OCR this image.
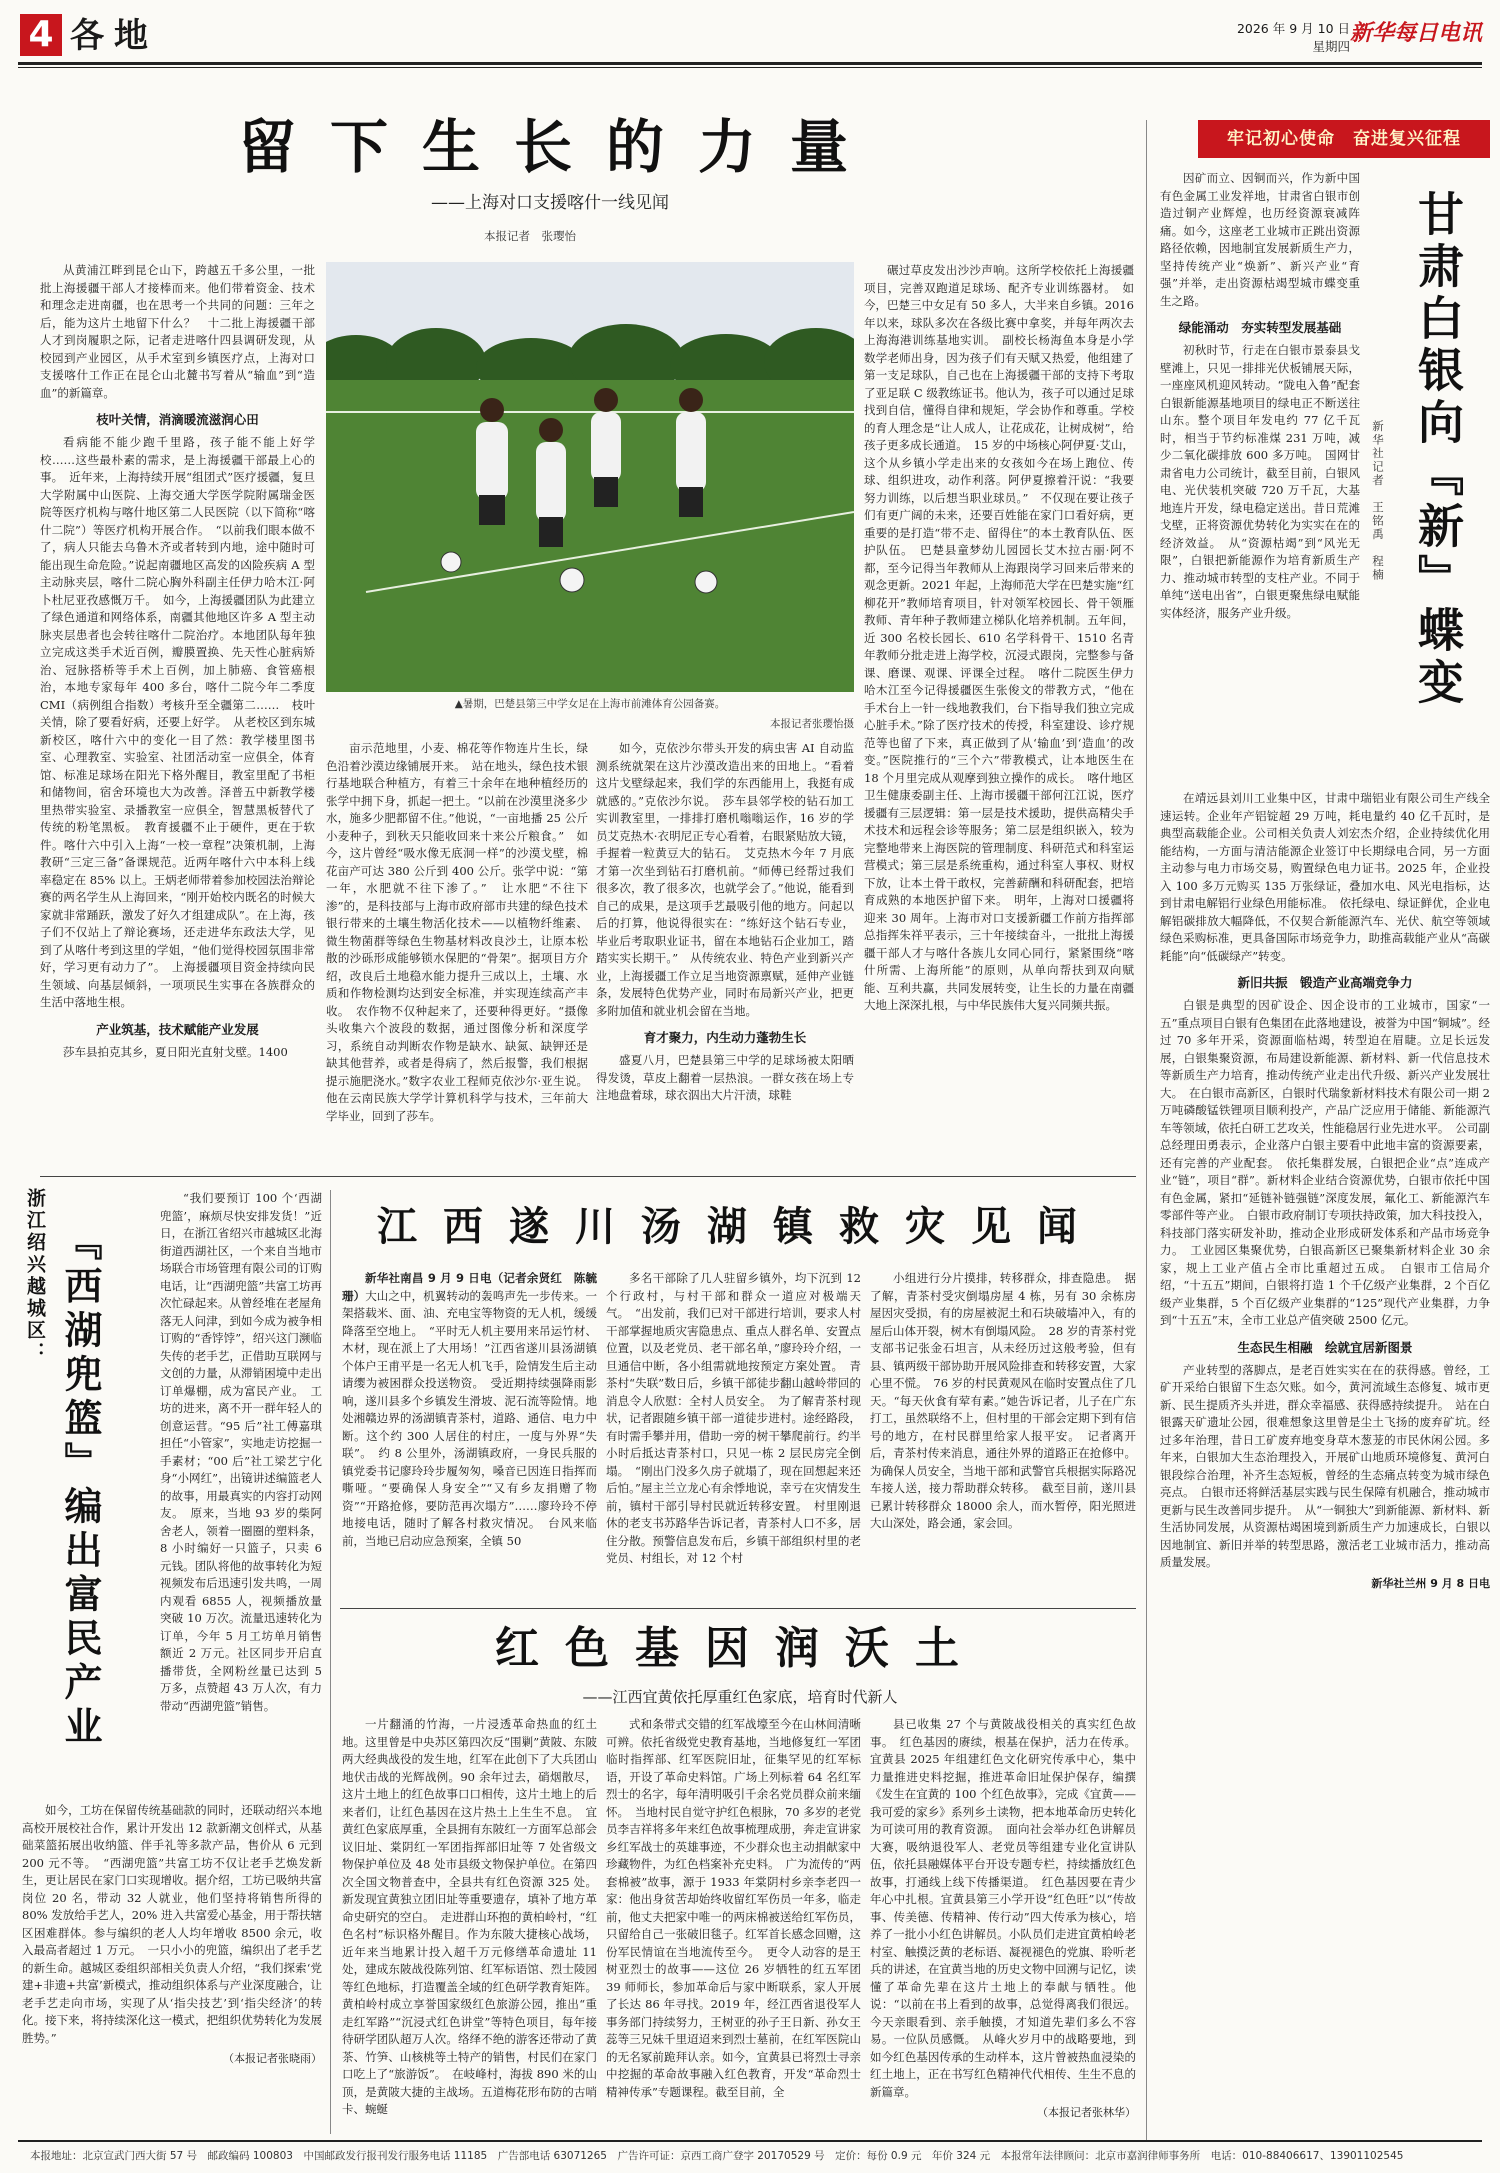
4 各地	2026 年 9 月 10 日
星期四
新华每日电讯
留下生长的力量
——上海对口支援喀什一线见闻
本报记者　张璎怡

从黄浦江畔到昆仑山下，跨越五千多公里，一批批上海援疆干部人才接棒而来。他们带着资金、技术和理念走进南疆，也在思考一个共同的问题：三年之后，能为这片土地留下什么？　十二批上海援疆干部人才到岗履职之际，记者走进喀什四县调研发现，从校园到产业园区，从手术室到乡镇医疗点，上海对口支援喀什工作正在昆仑山北麓书写着从“输血”到“造血”的新篇章。

枝叶关情，消滴暖流滋润心田

看病能不能少跑千里路，孩子能不能上好学校……这些最朴素的需求，是上海援疆干部最上心的事。　近年来，上海持续开展“组团式”医疗援疆，复旦大学附属中山医院、上海交通大学医学院附属瑞金医院等医疗机构与喀什地区第二人民医院（以下简称“喀什二院”）等医疗机构开展合作。　“以前我们眼本做不了，病人只能去乌鲁木齐或者转到内地，途中随时可能出现生命危险。”说起南疆地区高发的凶险疾病 A 型主动脉夹层，喀什二院心胸外科副主任伊力哈木江·阿卜杜尼亚孜感慨万千。　如今，上海援疆团队为此建立了绿色通道和网络体系，南疆其他地区许多 A 型主动脉夹层患者也会转往喀什二院治疗。本地团队每年独立完成这类手术近百例，瓣膜置换、先天性心脏病矫治、冠脉搭桥等手术上百例，加上肺癌、食管癌根治，本地专家每年 400 多台，喀什二院今年二季度 CMI（病例组合指数）考核升至全疆第二……　枝叶关情，除了要看好病，还要上好学。　从老校区到东城新校区，喀什六中的变化一目了然：教学楼里图书室、心理教室、实验室、社团活动室一应俱全，体育馆、标准足球场在阳光下格外醒目，教室里配了书柜和储物间，宿舍环境也大为改善。泽普五中新教学楼里热带实验室、录播教室一应俱全，智慧黑板替代了传统的粉笔黑板。　教育援疆不止于硬件，更在于软件。喀什六中引入上海“一校一章程”决策机制，上海教研“三定三备”备课规范。近两年喀什六中本科上线率稳定在 85% 以上。王炳老师带着参加校园法治辩论赛的两名学生从上海回来，“刚开始校内既名的时候大家就非常踊跃，激发了好久才组建成队”。在上海，孩子们不仅站上了辩论赛场，还走进华东政法大学，见到了从喀什考到这里的学姐，“他们觉得校园氛围非常好，学习更有动力了”。　上海援疆项目资金持续向民生领域、向基层倾斜，一项项民生实事在各族群众的生活中落地生根。

产业筑基，技术赋能产业发展

莎车县拍克其乡，夏日阳光直射戈壁。1400

▲暑期，巴楚县第三中学女足在上海市前滩体育公园备赛。
本报记者张璎怡摄

亩示范地里，小麦、棉花等作物连片生长，绿色沿着沙漠边缘铺展开来。　站在地头，绿色技术银行基地联合种植方，有着三十余年在地种植经历的张学中拥下身，抓起一把土。“以前在沙漠里浇多少水，施多少肥都留不住。”他说，“一亩地播 25 公斤小麦种子，到秋天只能收回来十来公斤粮食。”　如今，这片曾经“吸水像无底洞一样”的沙漠戈壁，棉花亩产可达 380 公斤到 400 公斤。张学中说：“第一年，水肥就不往下渗了。”　让水肥“不往下渗”的，是科技部与上海市政府部市共建的绿色技术银行带来的土壤生物活化技术——以植物纤维素、微生物菌群等绿色生物基材料改良沙土，让原本松散的沙砾形成能够锁水保肥的“骨架”。据项目方介绍，改良后土地稳水能力提升三成以上，土壤、水质和作物检测均达到安全标准，并实现连续高产丰收。　农作物不仅种起来了，还要种得更好。“摄像头收集六个波段的数据，通过图像分析和深度学习，系统自动判断农作物是缺水、缺氮、缺钾还是缺其他营养，或者是得病了，然后报警，我们根据提示施肥浇水。”数字农业工程师克依沙尔·亚生说。他在云南民族大学学计算机科学与技术，三年前大学毕业，回到了莎车。

如今，克依沙尔带头开发的病虫害 AI 自动监测系统就架在这片沙漠改造出来的田地上。“看着这片戈壁绿起来，我们学的东西能用上，我挺有成就感的。”克依沙尔说。　莎车县邻学校的钻石加工实训教室里，一排排打磨机嗡嗡运作，16 岁的学员艾克热木·衣明尼正专心看着，右眼紧贴放大镜，手握着一粒黄豆大的钻石。　艾克热木今年 7 月底才第一次坐到钻石打磨机前。“师傅已经帮过我们很多次，教了很多次，也就学会了。”他说，能看到自己的成果，是这项手艺最吸引他的地方。问起以后的打算，他说得很实在：“练好这个钻石专业，毕业后考取职业证书，留在本地钻石企业加工，踏踏实实长期干。”　从传统农业、特色产业到新兴产业，上海援疆工作立足当地资源禀赋，延伸产业链条，发展特色优势产业，同时布局新兴产业，把更多附加值和就业机会留在当地。

育才聚力，内生动力蓬勃生长

盛夏八月，巴楚县第三中学的足球场被太阳晒得发烫，草皮上翻着一层热浪。一群女孩在场上专注地盘着球，球衣泅出大片汗渍，球鞋

碾过草皮发出沙沙声响。这所学校依托上海援疆项目，完善双跑道足球场、配齐专业训练器材。　如今，巴楚三中女足有 50 多人，大半来自乡镇。2016 年以来，球队多次在各级比赛中拿奖，并每年两次去上海海港训练基地实训。　副校长杨海鱼本身是小学数学老师出身，因为孩子们有天赋又热爱，他组建了第一支足球队，自己也在上海援疆干部的支持下考取了亚足联 C 级教练证书。他认为，孩子可以通过足球找到自信，懂得自律和规矩，学会协作和尊重。学校的育人理念是“让人成人，让花成花，让树成树”，给孩子更多成长通道。　15 岁的中场核心阿伊夏·艾山，这个从乡镇小学走出来的女孩如今在场上跑位、传球、组织进攻，动作利落。阿伊夏擦着汗说：“我要努力训练，以后想当职业球员。”　不仅现在要让孩子们有更广阔的未来，还要百姓能在家门口看好病，更重要的是打造“带不走、留得住”的本土教育队伍、医护队伍。　巴楚县童梦幼儿园园长艾木拉古丽·阿不都，至今记得当年教师从上海跟岗学习回来后带来的观念更新。2021 年起，上海师范大学在巴楚实施“红柳花开”教师培育项目，针对领军校园长、骨干领雁教师、青年种子教师建立梯队化培养机制。五年间，近 300 名校长园长、610 名学科骨干、1510 名青年教师分批走进上海学校，沉浸式跟岗，完整参与备课、磨课、观课、评课全过程。　喀什二院医生伊力哈木江至今记得援疆医生张俊文的带教方式，“他在手术台上一针一线地教我们，台下指导我们独立完成心脏手术。”除了医疗技术的传授，科室建设、诊疗规范等也留了下来，真正做到了从‘输血’到‘造血’的改变。”医院推行的“三个六”带教模式，让本地医生在 18 个月里完成从观摩到独立操作的成长。　喀什地区卫生健康委副主任、上海市援疆干部何江江说，医疗援疆有三层逻辑：第一层是技术援助，提供高精尖手术技术和远程会诊等服务；第二层是组织嵌入，较为完整地带来上海医院的管理制度、科研范式和科室运营模式；第三层是系统重构，通过科室人事权、财权下放，让本土骨干敢权，完善薪酬和科研配套，把培育成熟的本地医护留下来。　明年，上海对口援疆将迎来 30 周年。上海市对口支援新疆工作前方指挥部总指挥朱祥平表示，三十年接续奋斗，一批批上海援疆干部人才与喀什各族儿女同心同行，紧紧围绕“喀什所需、上海所能”的原则，从单向帮扶到双向赋能、互利共赢，共同发展转变，让生长的力量在南疆大地上深深扎根，与中华民族伟大复兴同频共振。

牢记初心使命　奋进复兴征程
甘肃白银向『新』蝶变
新华社记者　王铭禹　程楠

因矿而立、因铜而兴，作为新中国有色金属工业发祥地，甘肃省白银市创造过铜产业辉煌，也历经资源衰减阵痛。如今，这座老工业城市正跳出资源路径依赖，因地制宜发展新质生产力，坚持传统产业“焕新”、新兴产业“育强”并举，走出资源枯竭型城市蝶变重生之路。

绿能涌动　夯实转型发展基础

初秋时节，行走在白银市景泰县戈壁滩上，只见一排排光伏板铺展天际，一座座风机迎风转动。“陇电入鲁”配套白银新能源基地项目的绿电正不断送往山东。整个项目年发电约 77 亿千瓦时，相当于节约标准煤 231 万吨，减少二氧化碳排放 600 多万吨。　国网甘肃省电力公司统计，截至目前，白银风电、光伏装机突破 720 万千瓦，大基地连片开发，绿电稳定送出。昔日荒滩戈壁，正将资源优势转化为实实在在的经济效益。　从“资源枯竭”到“风光无限”，白银把新能源作为培育新质生产力、推动城市转型的支柱产业。不同于单纯“送电出省”，白银更聚焦绿电赋能实体经济，服务产业升级。

在靖远县刘川工业集中区，甘肃中瑞铝业有限公司生产线全速运转。企业年产铝锭超 29 万吨，耗电量约 40 亿千瓦时，是典型高载能企业。公司相关负责人刘宏杰介绍，企业持续优化用能结构，一方面与清洁能源企业签订中长期绿电合同，另一方面主动参与电力市场交易，购置绿色电力证书。2025 年，企业投入 100 多万元购买 135 万张绿证，叠加水电、风光电指标，达到甘肃电解铝行业绿色用能标准。　依托绿电、绿证鲜优，企业电解铝碳排放大幅降低，不仅契合新能源汽车、光伏、航空等领域绿色采购标准，更具备国际市场竞争力，助推高载能产业从“高碳耗能”向“低碳绿产”转变。

新旧共振　锻造产业高端竞争力

白银是典型的因矿设企、因企设市的工业城市，国家“一五”重点项目白银有色集团在此落地建设，被誉为中国“铜城”。经过 70 多年开采，资源面临枯竭，转型迫在眉睫。立足长远发展，白银集聚资源，布局建设新能源、新材料、新一代信息技术等新质生产力培育，推动传统产业走出代升级、新兴产业发展壮大。　在白银市高新区，白银时代瑞象新材料技术有限公司一期 2 万吨磷酸锰铁锂项目顺利投产，产品广泛应用于储能、新能源汽车等领域，依托白研工艺攻关，性能稳居行业先进水平。　公司副总经理田勇表示，企业落户白银主要看中此地丰富的资源要素，还有完善的产业配套。　依托集群发展，白银把企业“点”连成产业“链”，项目“群”。新材料企业结合资源优势，白银市依托中国有色金属，紧扣“延链补链强链”深度发展，氟化工、新能源汽车零部件等产业。　白银市政府制订专项扶持政策，加大科技投入，科技部门落实研发补助，推动企业形成研发体系和产品市场竞争力。　工业园区集聚优势，白银高新区已聚集新材料企业 30 余家，规上工业产值占全市比重超过五成。　白银市工信局介绍，“十五五”期间，白银将打造 1 个千亿级产业集群，2 个百亿级产业集群，5 个百亿级产业集群的“125”现代产业集群，力争到“十五五”末，全市工业总产值突破 2500 亿元。

生态民生相融　绘就宜居新图景

产业转型的落脚点，是老百姓实实在在的获得感。曾经，工矿开采给白银留下生态欠账。如今，黄河流域生态修复、城市更新、民生提质齐头并进，群众幸福感、获得感持续提升。　站在白银露天矿遗址公园，很难想象这里曾是尘土飞扬的废弃矿坑。经过多年治理，昔日工矿废弃地变身草木葱茏的市民休闲公园。多年来，白银加大生态治理投入，开展矿山地质环境修复、黄河白银段综合治理，补齐生态短板，曾经的生态痛点转变为城市绿色亮点。　白银市还将鲜活基层实践与民生保障有机融合，推动城市更新与民生改善同步提升。　从“一铜独大”到新能源、新材料、新生活协同发展，从资源枯竭困境到新质生产力加速成长，白银以因地制宜、新旧并举的转型思路，激活老工业城市活力，推动高质量发展。

新华社兰州 9 月 8 日电
浙江绍兴越城区： 『西湖兜篮』编出富民产业

“我们要预订 100 个‘西湖兜篮’，麻烦尽快安排发货！”近日，在浙江省绍兴市越城区北海街道西湖社区，一个来自当地市场联合市场管理有限公司的订购电话，让“西湖兜篮”共富工坊再次忙碌起来。从曾经堆在老屋角落无人问津，到如今成为被争相订购的“香饽饽”，绍兴这门濒临失传的老手艺，正借助互联网与文创的力量，从滞销困境中走出订单爆棚，成为富民产业。　工坊的进来，离不开一群年轻人的创意运营。“95 后”社工傅嘉琪担任“小管家”，实地走访挖掘一手素材；“00 后”社工梁艺宁化身“小网红”，出镜讲述编篮老人的故事，用最真实的内容打动网友。　原来，当地 93 岁的柴阿舍老人，领着一圈圈的塑料条，8 小时编好一只篮子，只卖 6 元钱。团队将他的故事转化为短视频发布后迅速引发共鸣，一周内观看 6855 人，视频播放量突破 10 万次。流量迅速转化为订单，今年 5 月工坊单月销售额近 2 万元。社区同步开启直播带货，全网粉丝量已达到 5 万多，点赞超 43 万人次，有力带动“西湖兜篮”销售。

如今，工坊在保留传统基础款的同时，还联动绍兴本地高校开展校社合作，累计开发出 12 款新潮文创样式，从基础菜篮拓展出收纳篮、伴手礼等多款产品，售价从 6 元到 200 元不等。　“西湖兜篮”共富工坊不仅让老手艺焕发新生，更让居民在家门口实现增收。据介绍，工坊已吸纳共富岗位 20 名，带动 32 人就业，他们坚持将销售所得的 80% 发放给手艺人，20% 进入共富爱心基金，用于帮扶辖区困难群体。参与编织的老人人均年增收 8500 余元，收入最高者超过 1 万元。　一只小小的兜篮，编织出了老手艺的新生命。越城区委组织部相关负责人介绍，“我们探索‘党建+非遗+共富’新模式，推动组织体系与产业深度融合，让老手艺走向市场，实现了从‘指尖技艺’到‘指尖经济’的转化。接下来，将持续深化这一模式，把组织优势转化为发展胜势。”

（本报记者张晓雨）
江西遂川汤湖镇救灾见闻

新华社南昌 9 月 9 日电（记者余贤红　陈毓珊）大山之中，机翼转动的轰鸣声先一步传来。一架搭载米、面、油、充电宝等物资的无人机，缓缓降落至空地上。　“平时无人机主要用来吊运竹材、木材，现在派上了大用场！”江西省遂川县汤湖镇个体户王甫平是一名无人机飞手，险情发生后主动请缨为被困群众投送物资。　受近期持续强降雨影响，遂川县多个乡镇发生滑坡、泥石流等险情。地处湘赣边界的汤湖镇青茶村，道路、通信、电力中断。这个约 300 人居住的村庄，一度与外界“失联”。　约 8 公里外，汤湖镇政府，一身民兵服的镇党委书记廖玲玲步履匆匆，嗓音已因连日指挥而嘶哑。“要确保人身安全”“又有乡友捐赠了物资”“开路抢修，要防范再次塌方”……廖玲玲不停地接电话，随时了解各村救灾情况。　台风来临前，当地已启动应急预案，全镇 50

多名干部除了几人驻留乡镇外，均下沉到 12 个行政村，与村干部和群众一道应对极端天气。　“出发前，我们已对干部进行培训，要求人村干部掌握地质灾害隐患点、重点人群名单、安置点位置，以及老党员、老干部名单，”廖玲玲介绍，一旦通信中断，各小组需就地按预定方案处置。　青茶村“失联”数日后，乡镇干部徒步翻山越岭带回的消息令人欣慰：全村人员安全。　为了解青茶村现状，记者跟随乡镇干部一道徒步进村。途经路段，有时需手攀并用，借助一旁的树干攀爬前行。约半小时后抵达青茶村口，只见一栋 2 层民房完全倒塌。　“刚出门没多久房子就塌了，现在回想起来还后怕。”屋主兰立龙心有余悸地说，幸亏在灾情发生前，镇村干部引导村民就近转移安置。　村里刚退休的老支书苏路华告诉记者，青茶村人口不多，居住分散。预警信息发布后，乡镇干部组织村里的老党员、村组长，对 12 个村

小组进行分片摸排，转移群众，排查隐患。　据了解，青茶村受灾倒塌房屋 4 栋，另有 30 余栋房屋因灾受损，有的房屋被泥土和石块破墙冲入，有的屋后山体开裂，树木有倒塌风险。　28 岁的青茶村党支部书记张金石坦言，从未经历过这般考验，但有县、镇两级干部协助开展风险排查和转移安置，大家心里不慌。　76 岁的村民黄观风在临时安置点住了几天。“每天伙食有荤有素。”她告诉记者，儿子在广东打工，虽然联络不上，但村里的干部会定期下到有信号的地方，在村民群里给家人报平安。　记者离开后，青茶村传来消息，通往外界的道路正在抢修中。为确保人员安全，当地干部和武警官兵根据实际路况车接人送，接力帮助群众转移。　截至目前，遂川县已累计转移群众 18000 余人，而水暂停，阳光照进大山深处，路会通，家会回。

红色基因润沃土
——江西宜黄依托厚重红色家底，培育时代新人

一片翻涌的竹海，一片浸透革命热血的红土地。这里曾是中央苏区第四次反“围剿”黄陂、东陂两大经典战役的发生地，红军在此创下了大兵团山地伏击战的光辉战例。90 余年过去，硝烟散尽，这片土地上的红色故事口口相传，这片土地上的后来者们，让红色基因在这片热土上生生不息。　宜黄红色家底厚重，全县拥有东陂红一方面军总部会议旧址、棠阴红一军团指挥部旧址等 7 处省级文物保护单位及 48 处市县级文物保护单位。在第四次全国文物普查中，全县共有红色资源 325 处。新发现宜黄独立团旧址等重要遗存，填补了地方革命史研究的空白。　走进群山环抱的黄柏岭村，“红色名村”标识格外醒目。作为东陂大捷核心战场，近年来当地累计投入超千万元修缮革命遗址 11 处，建成东陂战役陈列馆、红军标语馆、烈士陵园等红色地标，打造覆盖全域的红色研学教育矩阵。黄柏岭村成立享誉国家级红色旅游公园，推出“重走红军路”“沉浸式红色讲堂”等特色项目，每年接待研学团队超万人次。络绎不绝的游客还带动了黄茶、竹笋、山核桃等土特产的销售，村民们在家门口吃上了“旅游饭”。　在岐峰村，海拔 890 米的山顶，是黄陂大捷的主战场。五道梅花形布防的古哨卡、蜿蜒

式和条带式交错的红军战壕至今在山林间清晰可辨。依托省级党史教育基地，当地修复红一军团临时指挥部、红军医院旧址，征集罕见的红军标语，开设了革命史料馆。广场上列标着 64 名红军烈士的名字，每年清明吸引千余名党员群众前来缅怀。　当地村民自觉守护红色根脉，70 多岁的老党员李吉祥将多年来红色故事梳理成册，奔走宣讲家乡红军战士的英雄事迹，不少群众也主动捐献家中珍藏物件，为红色档案补充史料。　广为流传的“两套棉被”故事，源于 1933 年棠阴村乡亲李老四一家：他出身贫苦却始终收留红军伤员一年多，临走前，他丈夫把家中唯一的两床棉被送给红军伤员，只留给自己一张破旧毯子。红军首长感念回赠，这份军民情谊在当地流传至今。　更令人动容的是王树亚烈士的故事——这位 26 岁牺牲的红五军团 39 师师长，参加革命后与家中断联系，家人开展了长达 86 年寻找。2019 年，经江西省退役军人事务部门持续努力，王树亚的孙子王日新、孙女王蕊等三兄妹千里迢迢来到烈士墓前，在红军医院山的无名冢前跪拜认亲。如今，宜黄县已将烈士寻亲中挖掘的革命故事融入红色教育，开发“革命烈士精神传承”专题课程。截至目前，全

县已收集 27 个与黄陂战役相关的真实红色故事。　红色基因的赓续，根基在保护，活力在传承。宜黄县 2025 年组建红色文化研究传承中心，集中力量推进史料挖掘，推进革命旧址保护保存，编撰《发生在宜黄的 100 个红色故事》，完成《宜黄——我可爱的家乡》系列乡土读物，把本地革命历史转化为可读可用的教育资源。　面向社会举办红色讲解员大赛，吸纳退役军人、老党员等组建专业化宣讲队伍，依托县融媒体平台开设专题专栏，持续播放红色故事，打通线上线下传播渠道。　红色基因要在青少年心中扎根。宜黄县第三小学开设“红色旺”以“传故事、传美德、传精神、传行动”四大传承为核心，培养了一批小小红色讲解员。小队员们走进宜黄柏岭老村室、触摸泛黄的老标语、凝视褪色的党旗、聆听老兵的讲述，在宜黄当地的历史文物中回溯与记忆，读懂了革命先辈在这片土地上的奉献与牺牲。他说：“以前在书上看到的故事，总觉得离我们很远。今天亲眼看到、亲手触摸，才知道先辈们多么不容易。一位队员感慨。　从峰火岁月中的战略要地，到如今红色基因传承的生动样本，这片曾被热血浸染的红土地上，正在书写红色精神代代相传、生生不息的新篇章。

（本报记者张林华）
本报地址：北京宣武门西大街 57 号　邮政编码 100803　中国邮政发行报刊发行服务电话 11185　广告部电话 63071265　广告许可证：京西工商广登字 20170529 号　定价：每份 0.9 元　年价 324 元　本报常年法律顾问：北京市嘉润律师事务所　电话：010-88406617、13901102545
